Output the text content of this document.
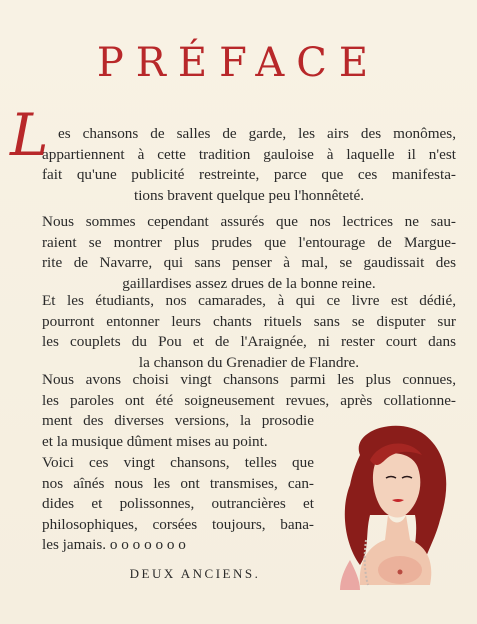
PRÉFACE
L es chansons de salles de garde, les airs des monômes,
appartiennent à cette tradition gauloise à laquelle il n'est
fait qu'une publicité restreinte, parce que ces manifesta-
tions bravent quelque peu l'honnêteté.
Nous sommes cependant assurés que nos lectrices ne sau-
raient se montrer plus prudes que l'entourage de Margue-
rite de Navarre, qui sans penser à mal, se gaudissait des
gaillardises assez drues de la bonne reine.
Et les étudiants, nos camarades, à qui ce livre est dédié,
pourront entonner leurs chants rituels sans se disputer sur
les couplets du Pou et de l'Araignée, ni rester court dans
la chanson du Grenadier de Flandre.
Nous avons choisi vingt chansons parmi les plus connues,
les paroles ont été soigneusement revues, après collationne-
ment des diverses versions, la prosodie
et la musique dûment mises au point.
Voici ces vingt chansons, telles que
nos aînés nous les ont transmises, can-
dides et polissonnes, outrancières et
philosophiques, corsées toujours, bana-
les jamais. o o o o o o o
DEUX ANCIENS.
